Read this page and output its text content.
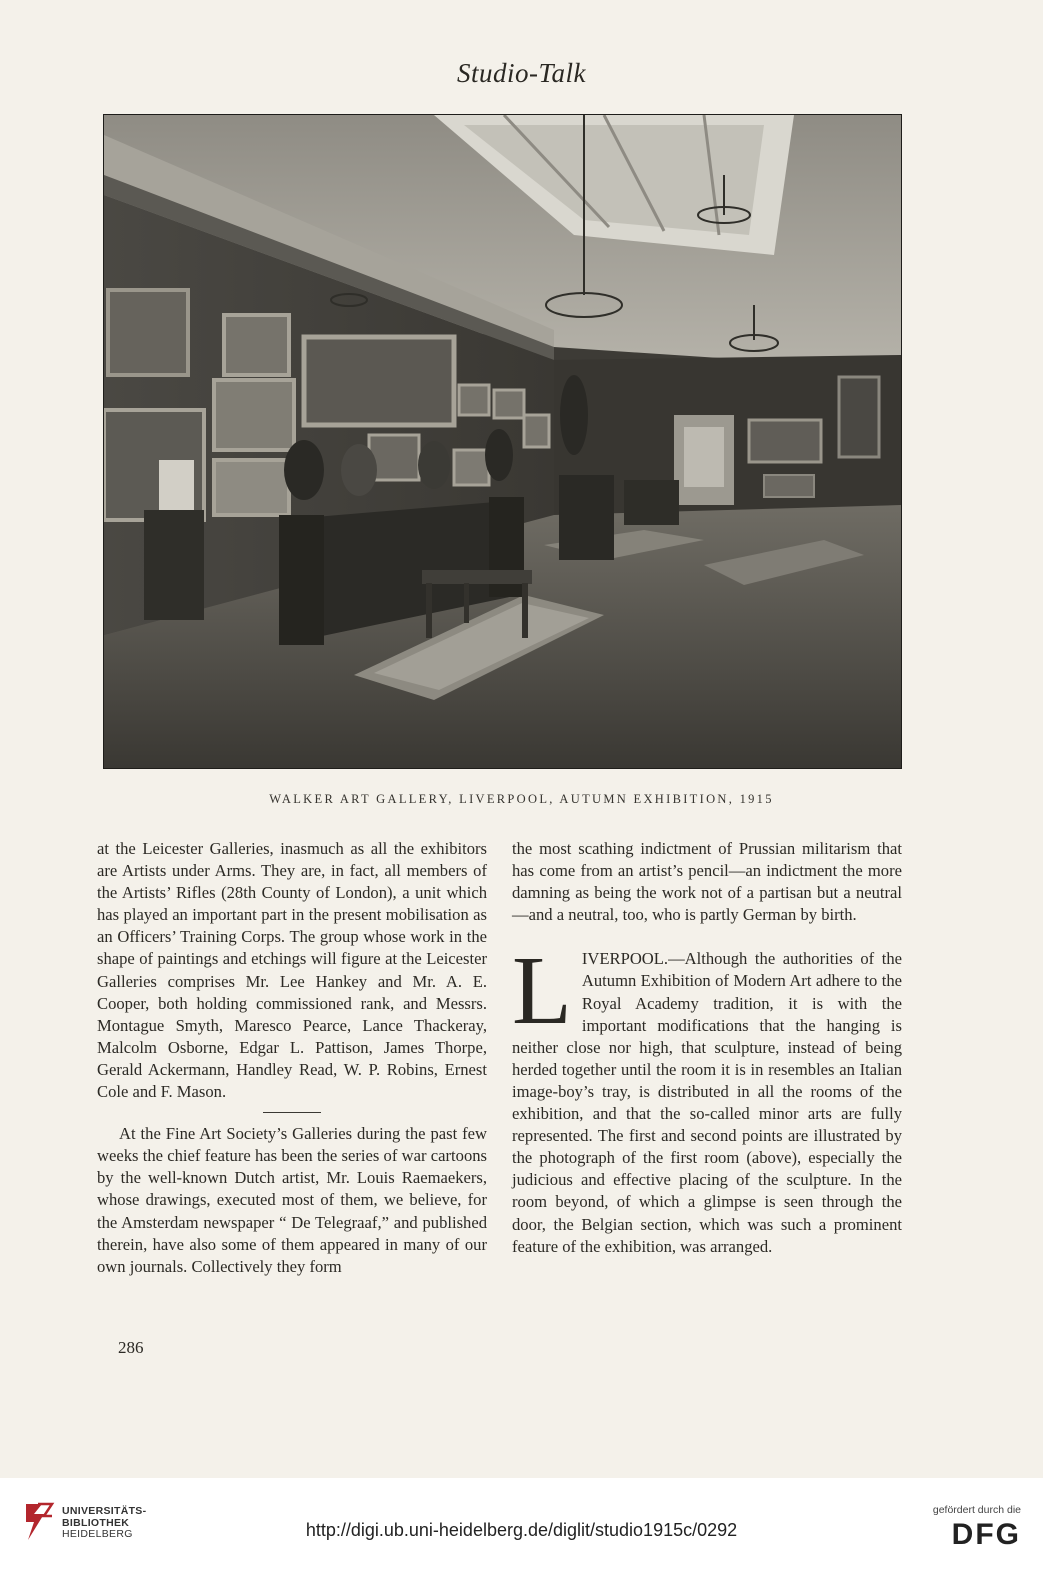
Studio-Talk
WALKER ART GALLERY, LIVERPOOL, AUTUMN EXHIBITION, 1915

at the Leicester Galleries, inasmuch as all the exhibitors are Artists under Arms. They are, in fact, all members of the Artists’ Rifles (28th County of London), a unit which has played an important part in the present mobilisation as an Officers’ Training Corps. The group whose work in the shape of paintings and etchings will figure at the Leicester Galleries comprises Mr. Lee Hankey and Mr. A. E. Cooper, both holding commissioned rank, and Messrs. Montague Smyth, Maresco Pearce, Lance Thackeray, Malcolm Osborne, Edgar L. Pattison, James Thorpe, Gerald Ackermann, Handley Read, W. P. Robins, Ernest Cole and F. Mason.

At the Fine Art Society’s Galleries during the past few weeks the chief feature has been the series of war cartoons by the well-known Dutch artist, Mr. Louis Raemaekers, whose drawings, executed most of them, we believe, for the Amsterdam newspaper “ De Telegraaf,” and published therein, have also some of them appeared in many of our own journals. Collectively they form

the most scathing indictment of Prussian militarism that has come from an artist’s pencil—an indictment the more damning as being the work not of a partisan but a neutral—and a neutral, too, who is partly German by birth.

LIVERPOOL.—Although the authorities of the Autumn Exhibition of Modern Art adhere to the Royal Academy tradition, it is with the important modifications that the hanging is neither close nor high, that sculpture, instead of being herded together until the room it is in resembles an Italian image-boy’s tray, is distributed in all the rooms of the exhibition, and that the so-called minor arts are fully represented. The first and second points are illustrated by the photograph of the first room (above), especially the judicious and effective placing of the sculpture. In the room beyond, of which a glimpse is seen through the door, the Belgian section, which was such a prominent feature of the exhibition, was arranged.

286
UNIVERSITÄTS-
BIBLIOTHEK
HEIDELBERG	http://digi.ub.uni-heidelberg.de/diglit/studio1915c/0292
gefördert durch die
DFG
